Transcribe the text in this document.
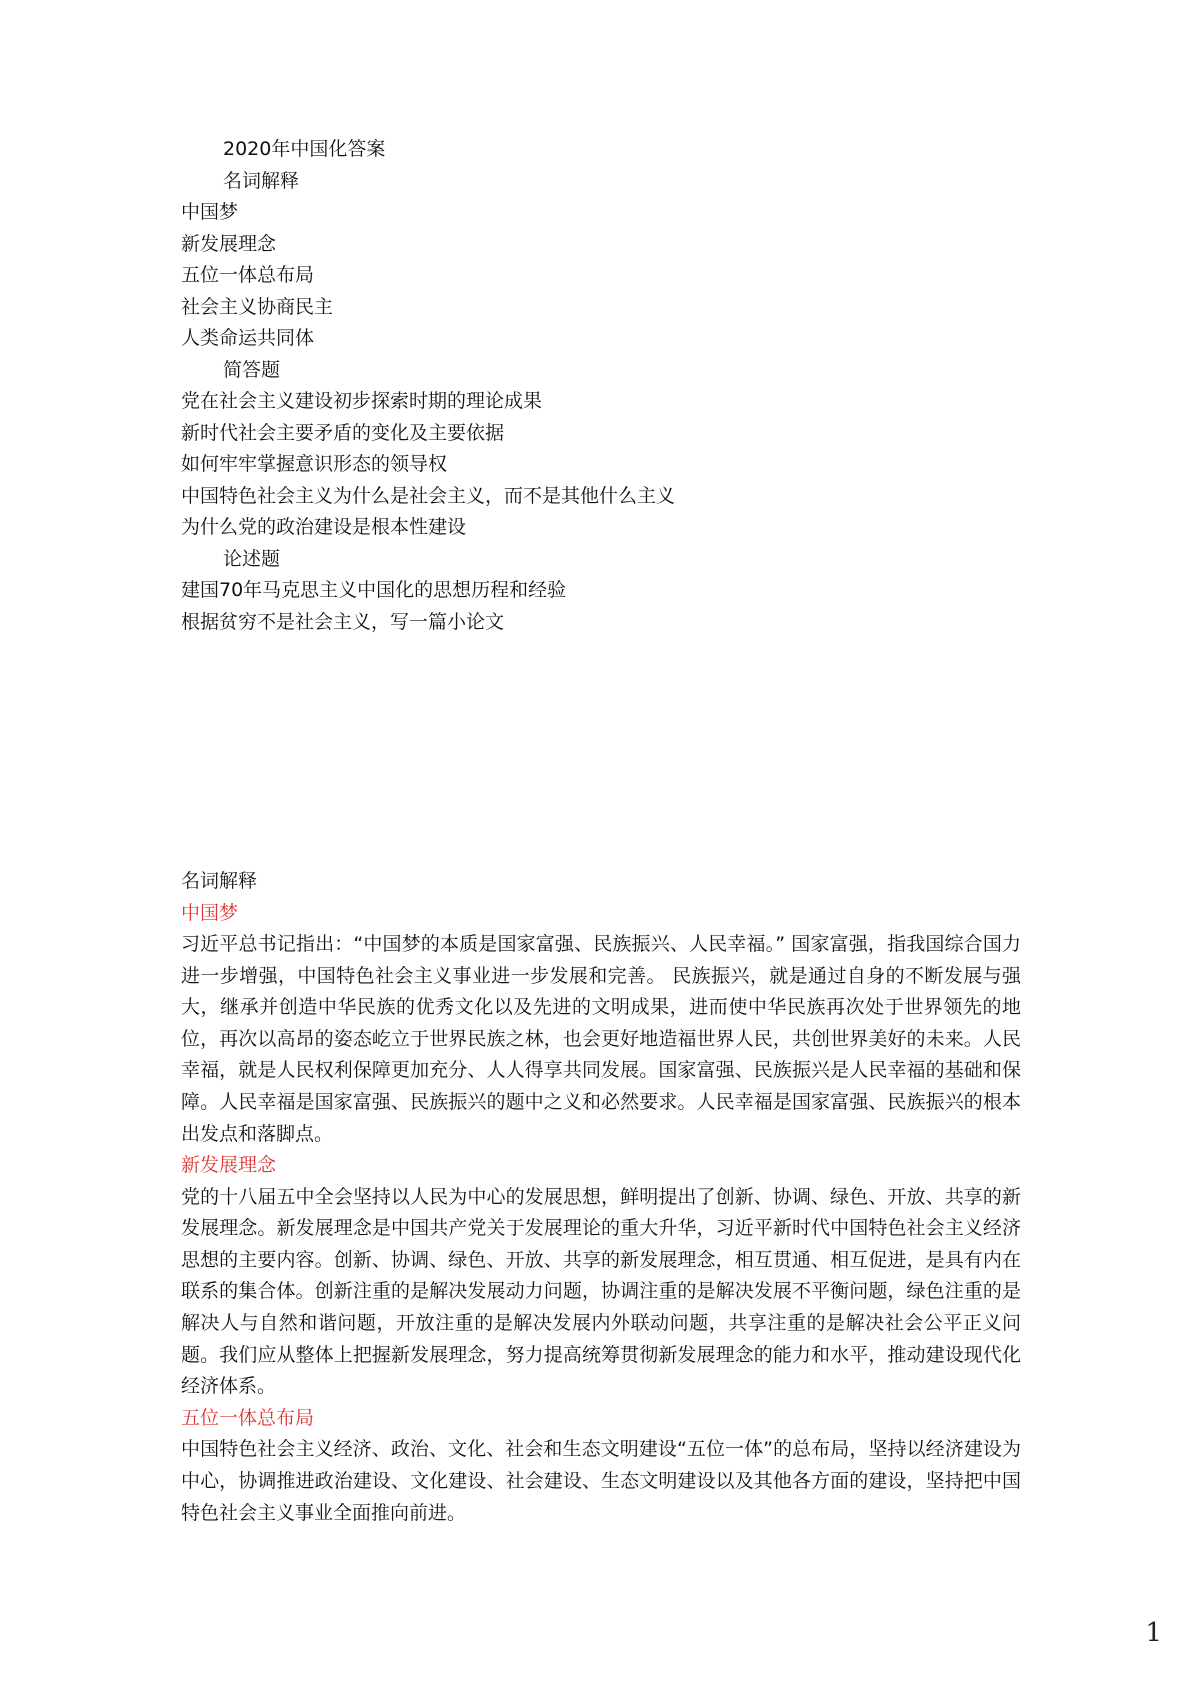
2020年中国化答案
名词解释
中国梦
新发展理念
五位一体总布局
社会主义协商民主
人类命运共同体
简答题
党在社会主义建设初步探索时期的理论成果
新时代社会主要矛盾的变化及主要依据
如何牢牢掌握意识形态的领导权
中国特色社会主义为什么是社会主义，而不是其他什么主义
为什么党的政治建设是根本性建设
论述题
建国70年马克思主义中国化的思想历程和经验
根据贫穷不是社会主义，写一篇小论文
名词解释
中国梦
习近平总书记指出：“中国梦的本质是国家富强、民族振兴、人民幸福。” 国家富强，指我国综合国力进一步增强，中国特色社会主义事业进一步发展和完善。 民族振兴，就是通过自身的不断发展与强大，继承并创造中华民族的优秀文化以及先进的文明成果，进而使中华民族再次处于世界领先的地位，再次以高昂的姿态屹立于世界民族之林，也会更好地造福世界人民，共创世界美好的未来。人民幸福，就是人民权利保障更加充分、人人得享共同发展。国家富强、民族振兴是人民幸福的基础和保障。人民幸福是国家富强、民族振兴的题中之义和必然要求。人民幸福是国家富强、民族振兴的根本出发点和落脚点。
新发展理念
党的十八届五中全会坚持以人民为中心的发展思想，鲜明提出了创新、协调、绿色、开放、共享的新发展理念。新发展理念是中国共产党关于发展理论的重大升华，习近平新时代中国特色社会主义经济思想的主要内容。创新、协调、绿色、开放、共享的新发展理念，相互贯通、相互促进，是具有内在联系的集合体。创新注重的是解决发展动力问题，协调注重的是解决发展不平衡问题，绿色注重的是解决人与自然和谐问题，开放注重的是解决发展内外联动问题，共享注重的是解决社会公平正义问题。我们应从整体上把握新发展理念，努力提高统筹贯彻新发展理念的能力和水平，推动建设现代化经济体系。
五位一体总布局
中国特色社会主义经济、政治、文化、社会和生态文明建设“五位一体”的总布局，坚持以经济建设为中心，协调推进政治建设、文化建设、社会建设、生态文明建设以及其他各方面的建设，坚持把中国特色社会主义事业全面推向前进。
1
